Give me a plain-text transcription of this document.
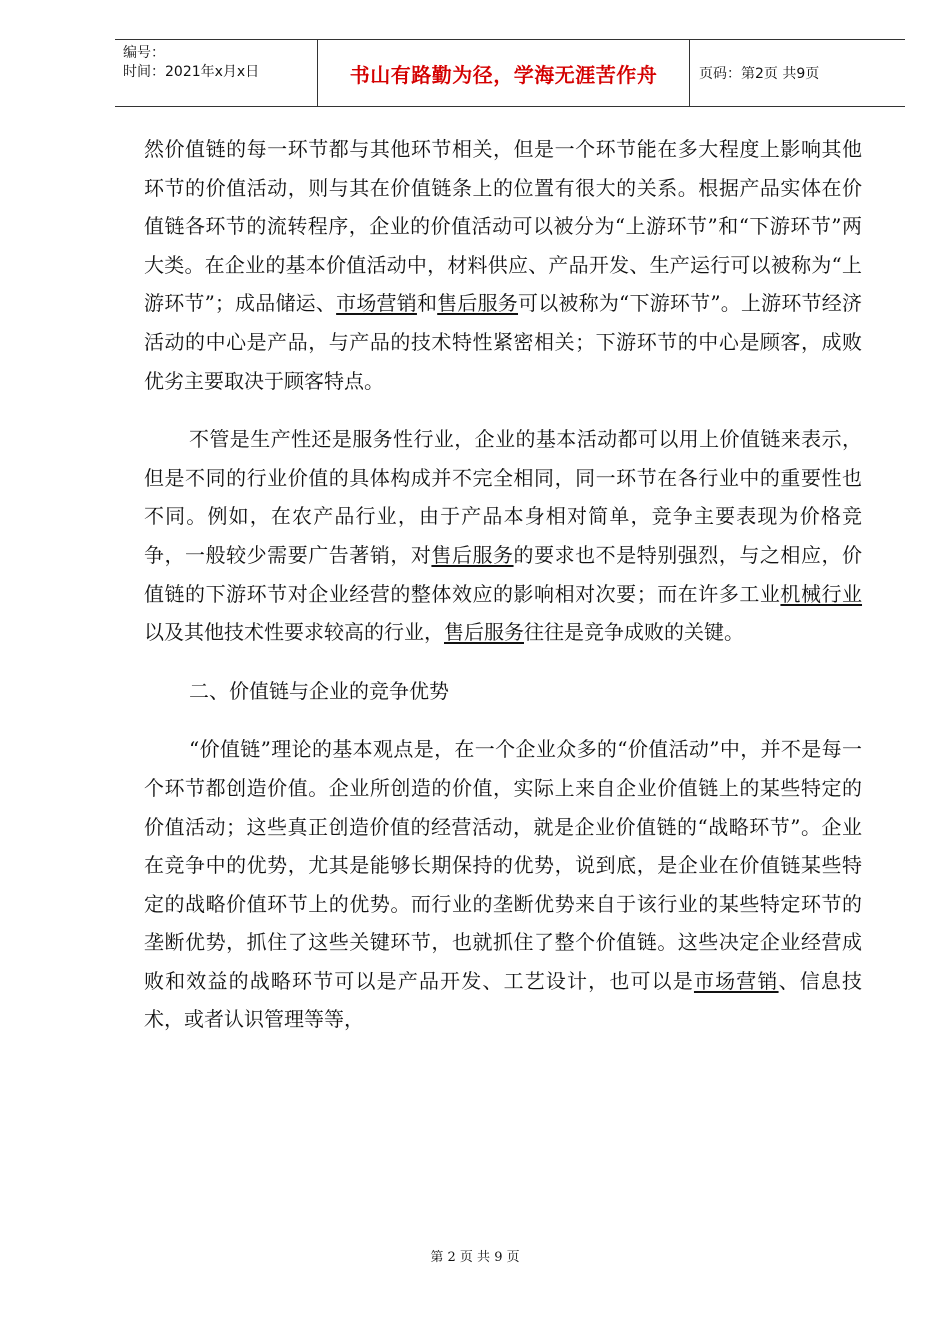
编号：
时间：2021年x月x日	书山有路勤为径，学海无涯苦作舟	页码：第2页 共9页

然价值链的每一环节都与其他环节相关，但是一个环节能在多大程度上影响其他环节的价值活动，则与其在价值链条上的位置有很大的关系。根据产品实体在价值链各环节的流转程序，企业的价值活动可以被分为“上游环节”和“下游环节”两大类。在企业的基本价值活动中，材料供应、产品开发、生产运行可以被称为“上游环节”；成品储运、市场营销和售后服务可以被称为“下游环节”。上游环节经济活动的中心是产品，与产品的技术特性紧密相关；下游环节的中心是顾客，成败优劣主要取决于顾客特点。

不管是生产性还是服务性行业，企业的基本活动都可以用上价值链来表示，但是不同的行业价值的具体构成并不完全相同，同一环节在各行业中的重要性也不同。例如，在农产品行业，由于产品本身相对简单，竞争主要表现为价格竞争，一般较少需要广告著销，对售后服务的要求也不是特别强烈，与之相应，价值链的下游环节对企业经营的整体效应的影响相对次要；而在许多工业机械行业以及其他技术性要求较高的行业，售后服务往往是竞争成败的关键。

二、价值链与企业的竞争优势

“价值链”理论的基本观点是，在一个企业众多的“价值活动”中，并不是每一个环节都创造价值。企业所创造的价值，实际上来自企业价值链上的某些特定的价值活动；这些真正创造价值的经营活动，就是企业价值链的“战略环节”。企业在竞争中的优势，尤其是能够长期保持的优势，说到底，是企业在价值链某些特定的战略价值环节上的优势。而行业的垄断优势来自于该行业的某些特定环节的垄断优势，抓住了这些关键环节，也就抓住了整个价值链。这些决定企业经营成败和效益的战略环节可以是产品开发、工艺设计，也可以是市场营销、信息技术，或者认识管理等等，

第 2 页 共 9 页
